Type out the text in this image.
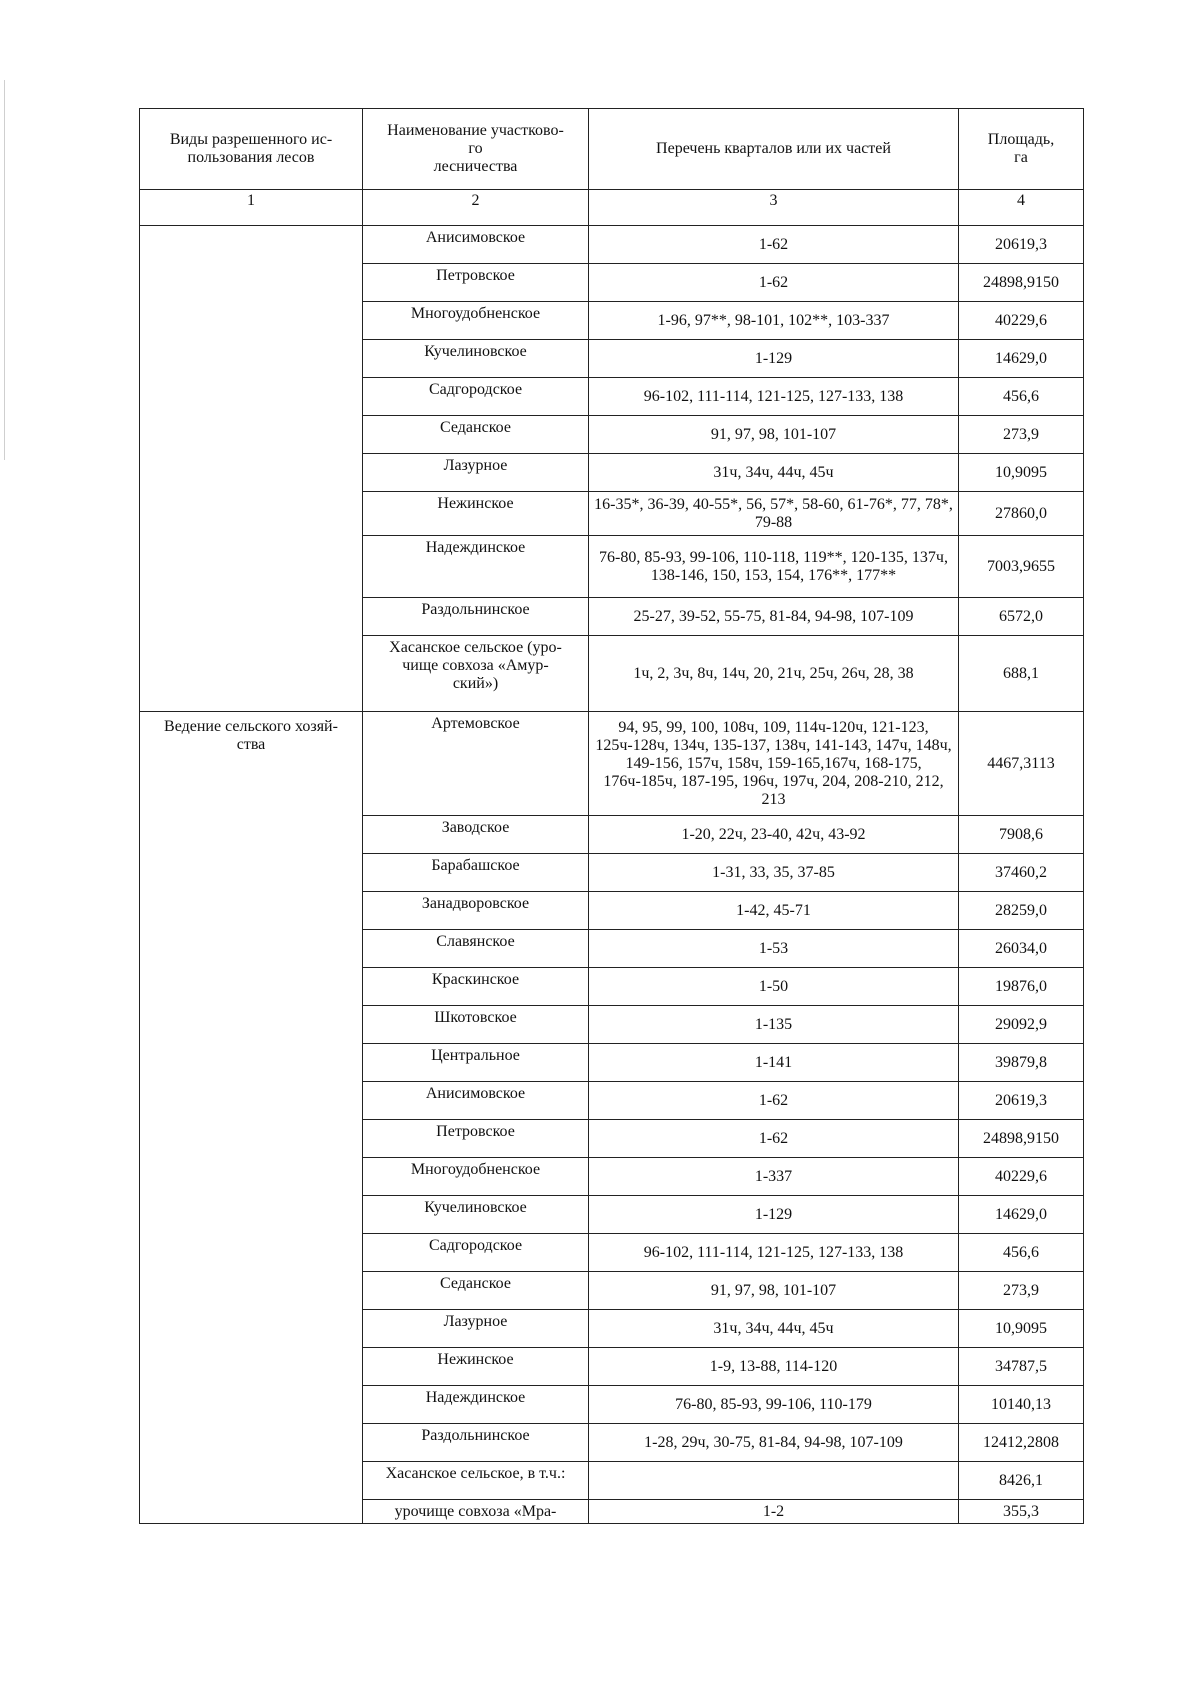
Виды разрешенного ис-
пользования лесов	Наименование участково-
го
лесничества	Перечень кварталов или их частей	Площадь,
га
1	2	3	4
	Анисимовское	1-62	20619,3
	Петровское	1-62	24898,9150
	Многоудобненское	1-96, 97**, 98-101, 102**, 103-337	40229,6
	Кучелиновское	1-129	14629,0
	Садгородское	96-102, 111-114, 121-125, 127-133, 138	456,6
	Седанское	91, 97, 98, 101-107	273,9
	Лазурное	31ч, 34ч, 44ч, 45ч	10,9095
	Нежинское	16-35*, 36-39, 40-55*, 56, 57*, 58-60, 61-76*, 77, 78*, 79-88	27860,0
	Надеждинское	76-80, 85-93, 99-106, 110-118, 119**, 120-135, 137ч, 138-146, 150, 153, 154, 176**, 177**	7003,9655
	Раздольнинское	25-27, 39-52, 55-75, 81-84, 94-98, 107-109	6572,0
	Хасанское сельское (уро-
чище совхоза «Амур-
ский»)	1ч, 2, 3ч, 8ч, 14ч, 20, 21ч, 25ч, 26ч, 28, 38	688,1
Ведение сельского хозяй-
ства	Артемовское	94, 95, 99, 100, 108ч, 109, 114ч-120ч, 121-123, 125ч-128ч, 134ч, 135-137, 138ч, 141-143, 147ч, 148ч, 149-156, 157ч, 158ч, 159-165,167ч, 168-175, 176ч-185ч, 187-195, 196ч, 197ч, 204, 208-210, 212, 213	4467,3113
	Заводское	1-20, 22ч, 23-40, 42ч, 43-92	7908,6
	Барабашское	1-31, 33, 35, 37-85	37460,2
	Занадворовское	1-42, 45-71	28259,0
	Славянское	1-53	26034,0
	Краскинское	1-50	19876,0
	Шкотовское	1-135	29092,9
	Центральное	1-141	39879,8
	Анисимовское	1-62	20619,3
	Петровское	1-62	24898,9150
	Многоудобненское	1-337	40229,6
	Кучелиновское	1-129	14629,0
	Садгородское	96-102, 111-114, 121-125, 127-133, 138	456,6
	Седанское	91, 97, 98, 101-107	273,9
	Лазурное	31ч, 34ч, 44ч, 45ч	10,9095
	Нежинское	1-9, 13-88, 114-120	34787,5
	Надеждинское	76-80, 85-93, 99-106, 110-179	10140,13
	Раздольнинское	1-28, 29ч, 30-75, 81-84, 94-98, 107-109	12412,2808
	Хасанское сельское, в т.ч.:		8426,1
	урочище совхоза «Мра-	1-2	355,3
